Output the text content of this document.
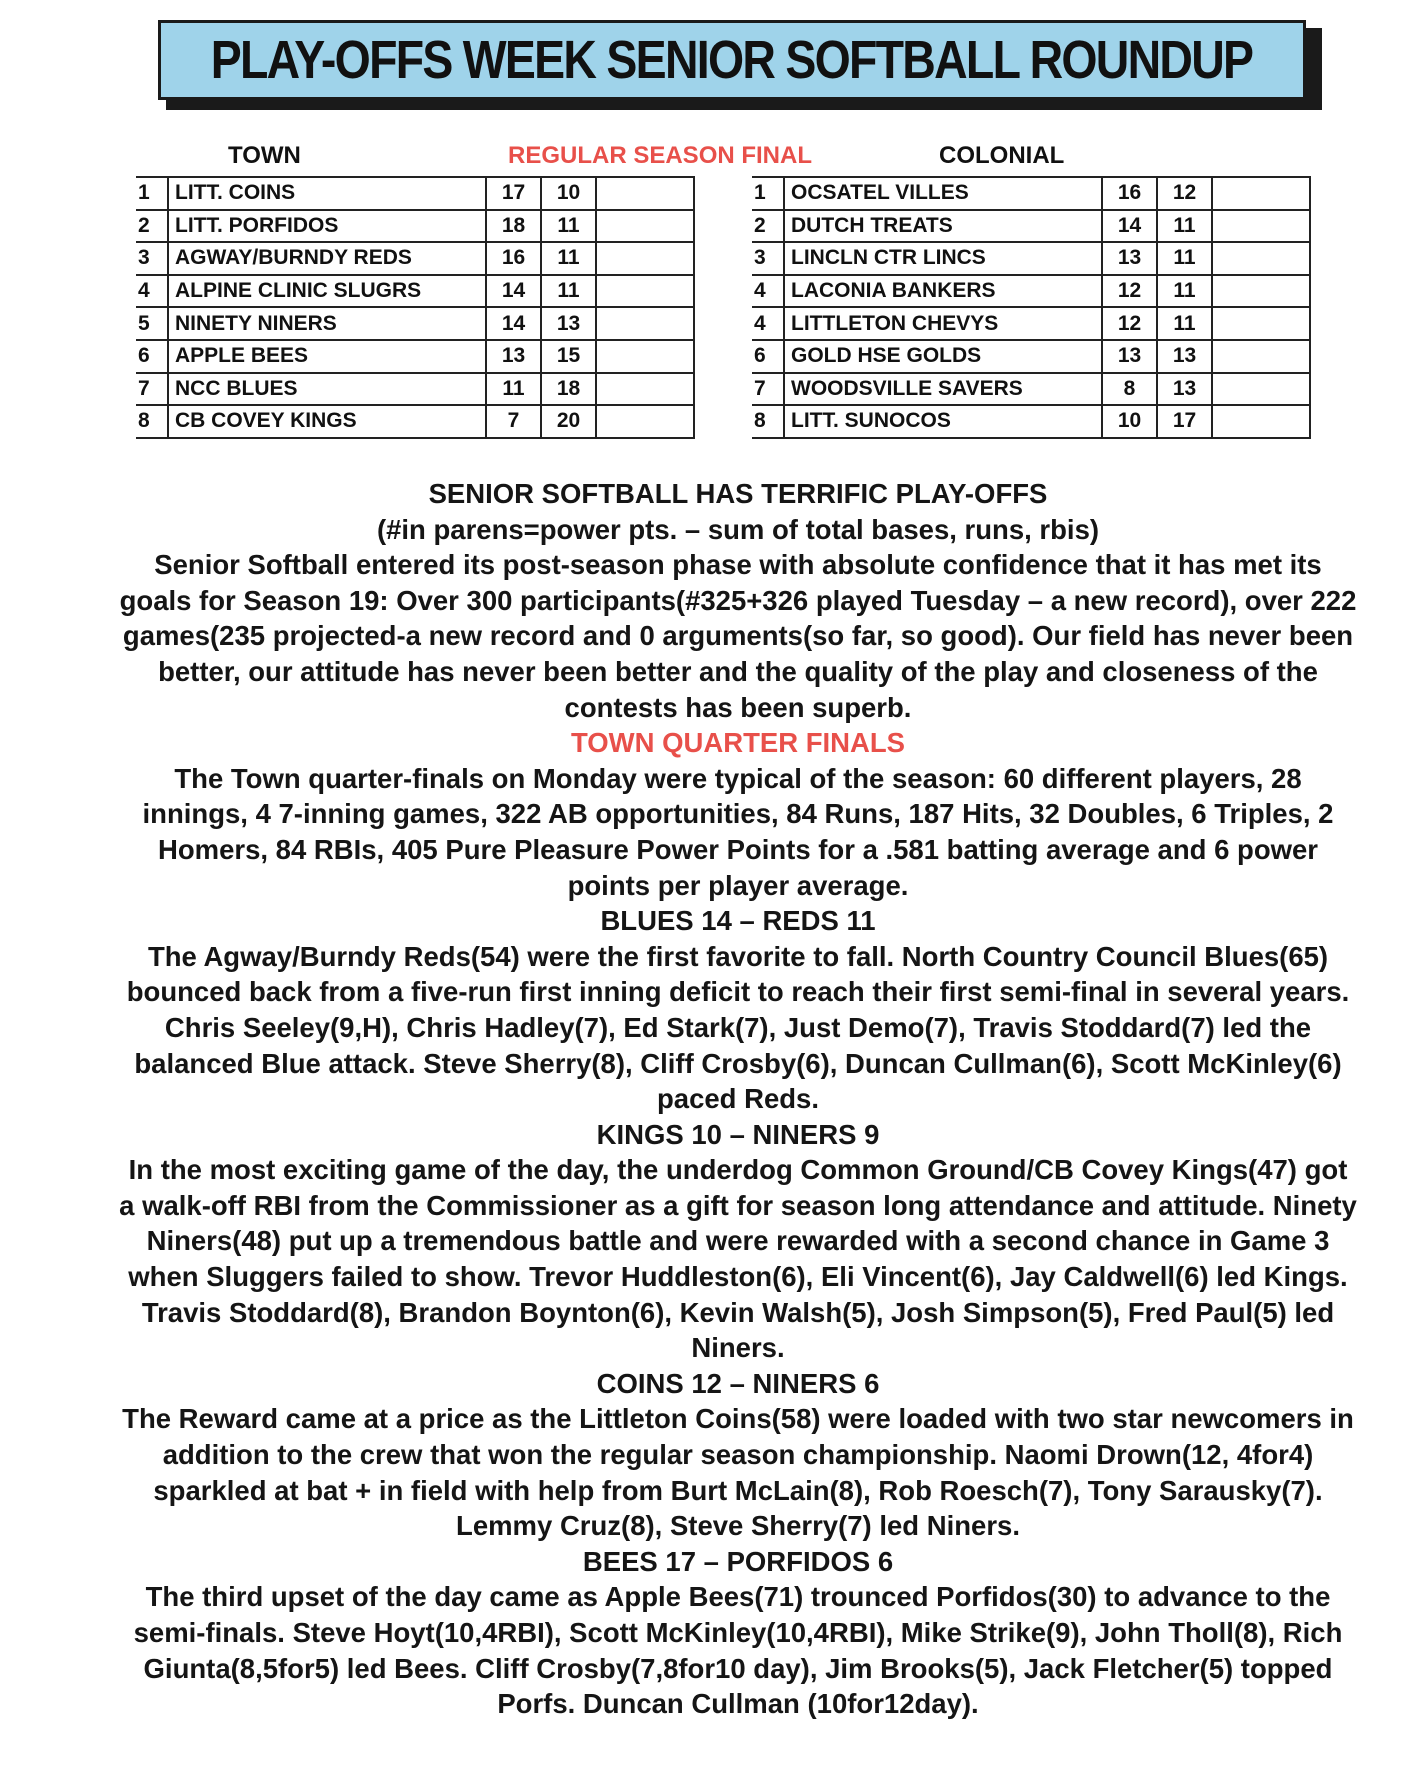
PLAY-OFFS WEEK SENIOR SOFTBALL ROUNDUP
TOWN	REGULAR SEASON FINAL	COLONIAL
1	LITT. COINS	17	10	
2	LITT. PORFIDOS	18	11	
3	AGWAY/BURNDY REDS	16	11	
4	ALPINE CLINIC SLUGRS	14	11	
5	NINETY NINERS	14	13	
6	APPLE BEES	13	15	
7	NCC BLUES	11	18	
8	CB COVEY KINGS	7	20	
1	OCSATEL VILLES	16	12	
2	DUTCH TREATS	14	11	
3	LINCLN CTR LINCS	13	11	
4	LACONIA BANKERS	12	11	
4	LITTLETON CHEVYS	12	11	
6	GOLD HSE GOLDS	13	13	
7	WOODSVILLE SAVERS	8	13	
8	LITT. SUNOCOS	10	17	

SENIOR SOFTBALL HAS TERRIFIC PLAY-OFFS

(#in parens=power pts. – sum of total bases, runs, rbis)

Senior Softball entered its post-season phase with absolute confidence that it has met its goals for Season 19: Over 300 participants(#325+326 played Tuesday – a new record), over 222 games(235 projected-a new record and 0 arguments(so far, so good). Our field has never been better, our attitude has never been better and the quality of the play and closeness of the contests has been superb.

TOWN QUARTER FINALS

The Town quarter-finals on Monday were typical of the season: 60 different players, 28 innings, 4 7-inning games, 322 AB opportunities, 84 Runs, 187 Hits, 32 Doubles, 6 Triples, 2 Homers, 84 RBIs, 405 Pure Pleasure Power Points for a .581 batting average and 6 power points per player average.

BLUES 14 – REDS 11

The Agway/Burndy Reds(54) were the first favorite to fall. North Country Council Blues(65) bounced back from a five-run first inning deficit to reach their first semi-final in several years. Chris Seeley(9,H), Chris Hadley(7), Ed Stark(7), Just Demo(7), Travis Stoddard(7) led the balanced Blue attack. Steve Sherry(8), Cliff Crosby(6), Duncan Cullman(6), Scott McKinley(6) paced Reds.

KINGS 10 – NINERS 9

In the most exciting game of the day, the underdog Common Ground/CB Covey Kings(47) got a walk-off RBI from the Commissioner as a gift for season long attendance and attitude. Ninety Niners(48) put up a tremendous battle and were rewarded with a second chance in Game 3 when Sluggers failed to show. Trevor Huddleston(6), Eli Vincent(6), Jay Caldwell(6) led Kings. Travis Stoddard(8), Brandon Boynton(6), Kevin Walsh(5), Josh Simpson(5), Fred Paul(5) led Niners.

COINS 12 – NINERS 6

The Reward came at a price as the Littleton Coins(58) were loaded with two star newcomers in addition to the crew that won the regular season championship. Naomi Drown(12, 4for4) sparkled at bat + in field with help from Burt McLain(8), Rob Roesch(7), Tony Sarausky(7). Lemmy Cruz(8), Steve Sherry(7) led Niners.

BEES 17 – PORFIDOS 6

The third upset of the day came as Apple Bees(71) trounced Porfidos(30) to advance to the semi-finals. Steve Hoyt(10,4RBI), Scott McKinley(10,4RBI), Mike Strike(9), John Tholl(8), Rich Giunta(8,5for5) led Bees. Cliff Crosby(7,8for10 day), Jim Brooks(5), Jack Fletcher(5) topped Porfs. Duncan Cullman (10for12day).
